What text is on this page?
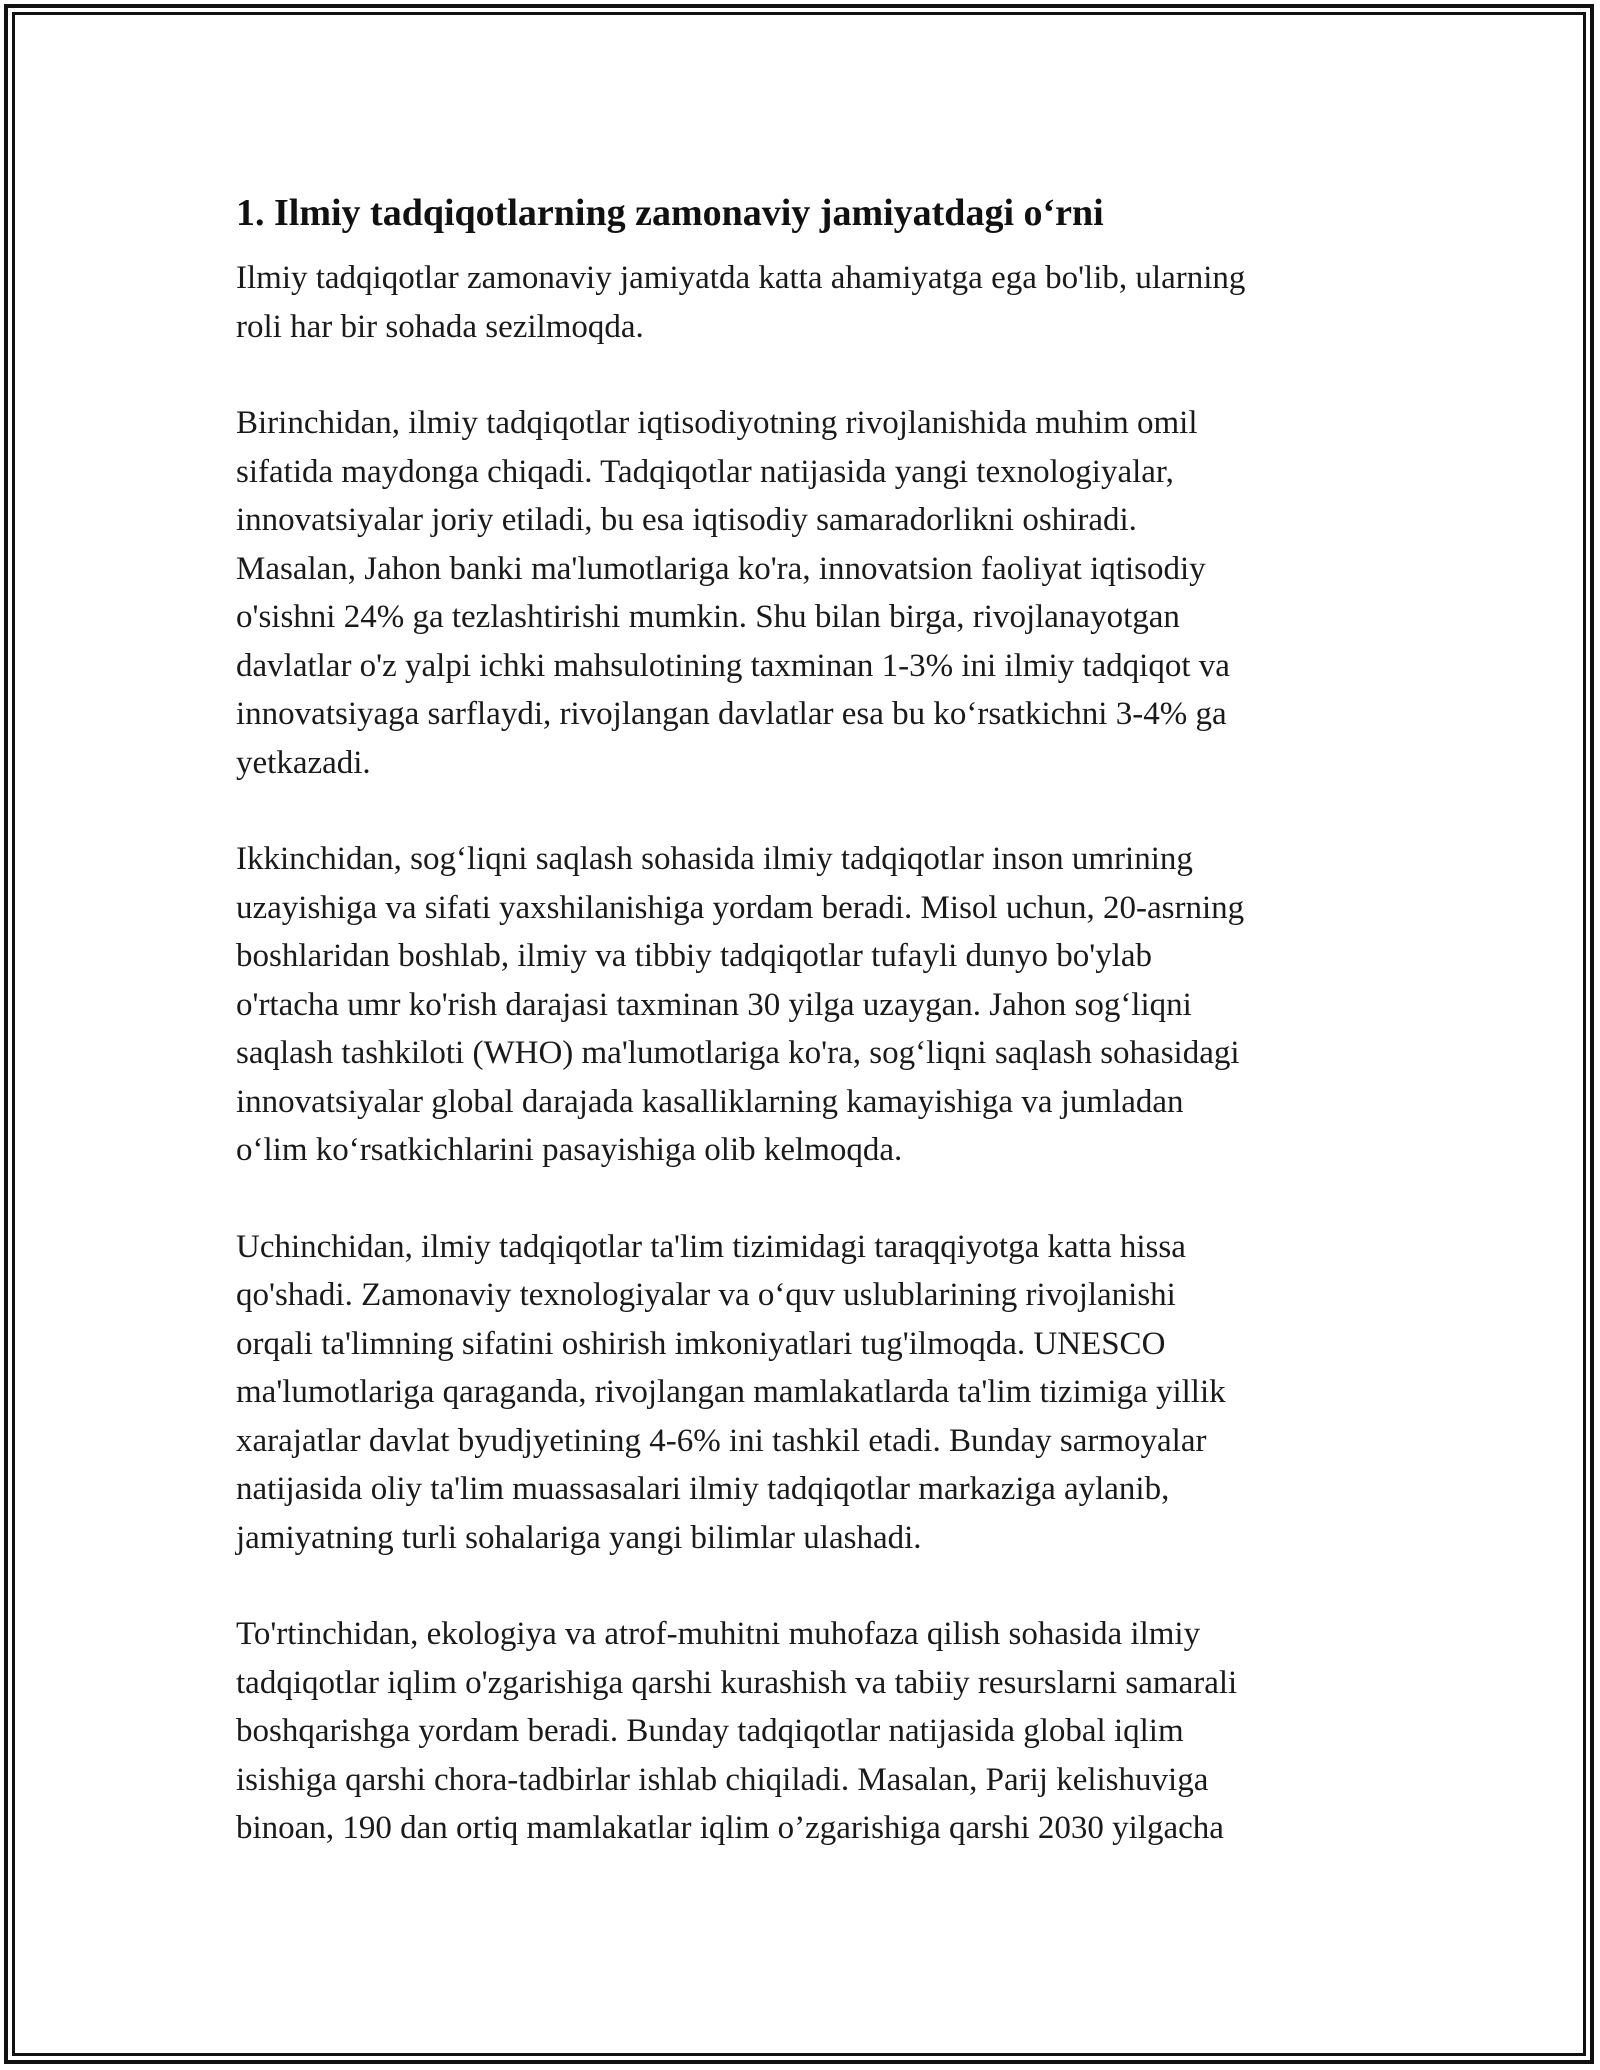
1. Ilmiy tadqiqotlarning zamonaviy jamiyatdagi o‘rni
Ilmiy tadqiqotlar zamonaviy jamiyatda katta ahamiyatga ega bo'lib, ularning
roli har bir sohada sezilmoqda.
Birinchidan, ilmiy tadqiqotlar iqtisodiyotning rivojlanishida muhim omil
sifatida maydonga chiqadi. Tadqiqotlar natijasida yangi texnologiyalar,
innovatsiyalar joriy etiladi, bu esa iqtisodiy samaradorlikni oshiradi.
Masalan, Jahon banki ma'lumotlariga ko'ra, innovatsion faoliyat iqtisodiy
o'sishni 24% ga tezlashtirishi mumkin. Shu bilan birga, rivojlanayotgan
davlatlar o'z yalpi ichki mahsulotining taxminan 1-3% ini ilmiy tadqiqot va
innovatsiyaga sarflaydi, rivojlangan davlatlar esa bu ko‘rsatkichni 3-4% ga
yetkazadi.
Ikkinchidan, sog‘liqni saqlash sohasida ilmiy tadqiqotlar inson umrining
uzayishiga va sifati yaxshilanishiga yordam beradi. Misol uchun, 20-asrning
boshlaridan boshlab, ilmiy va tibbiy tadqiqotlar tufayli dunyo bo'ylab
o'rtacha umr ko'rish darajasi taxminan 30 yilga uzaygan. Jahon sog‘liqni
saqlash tashkiloti (WHO) ma'lumotlariga ko'ra, sog‘liqni saqlash sohasidagi
innovatsiyalar global darajada kasalliklarning kamayishiga va jumladan
o‘lim ko‘rsatkichlarini pasayishiga olib kelmoqda.
Uchinchidan, ilmiy tadqiqotlar ta'lim tizimidagi taraqqiyotga katta hissa
qo'shadi. Zamonaviy texnologiyalar va o‘quv uslublarining rivojlanishi
orqali ta'limning sifatini oshirish imkoniyatlari tug'ilmoqda. UNESCO
ma'lumotlariga qaraganda, rivojlangan mamlakatlarda ta'lim tizimiga yillik
xarajatlar davlat byudjyetining 4-6% ini tashkil etadi. Bunday sarmoyalar
natijasida oliy ta'lim muassasalari ilmiy tadqiqotlar markaziga aylanib,
jamiyatning turli sohalariga yangi bilimlar ulashadi.
To'rtinchidan, ekologiya va atrof-muhitni muhofaza qilish sohasida ilmiy
tadqiqotlar iqlim o'zgarishiga qarshi kurashish va tabiiy resurslarni samarali
boshqarishga yordam beradi. Bunday tadqiqotlar natijasida global iqlim
isishiga qarshi chora-tadbirlar ishlab chiqiladi. Masalan, Parij kelishuviga
binoan, 190 dan ortiq mamlakatlar iqlim o’zgarishiga qarshi 2030 yilgacha
